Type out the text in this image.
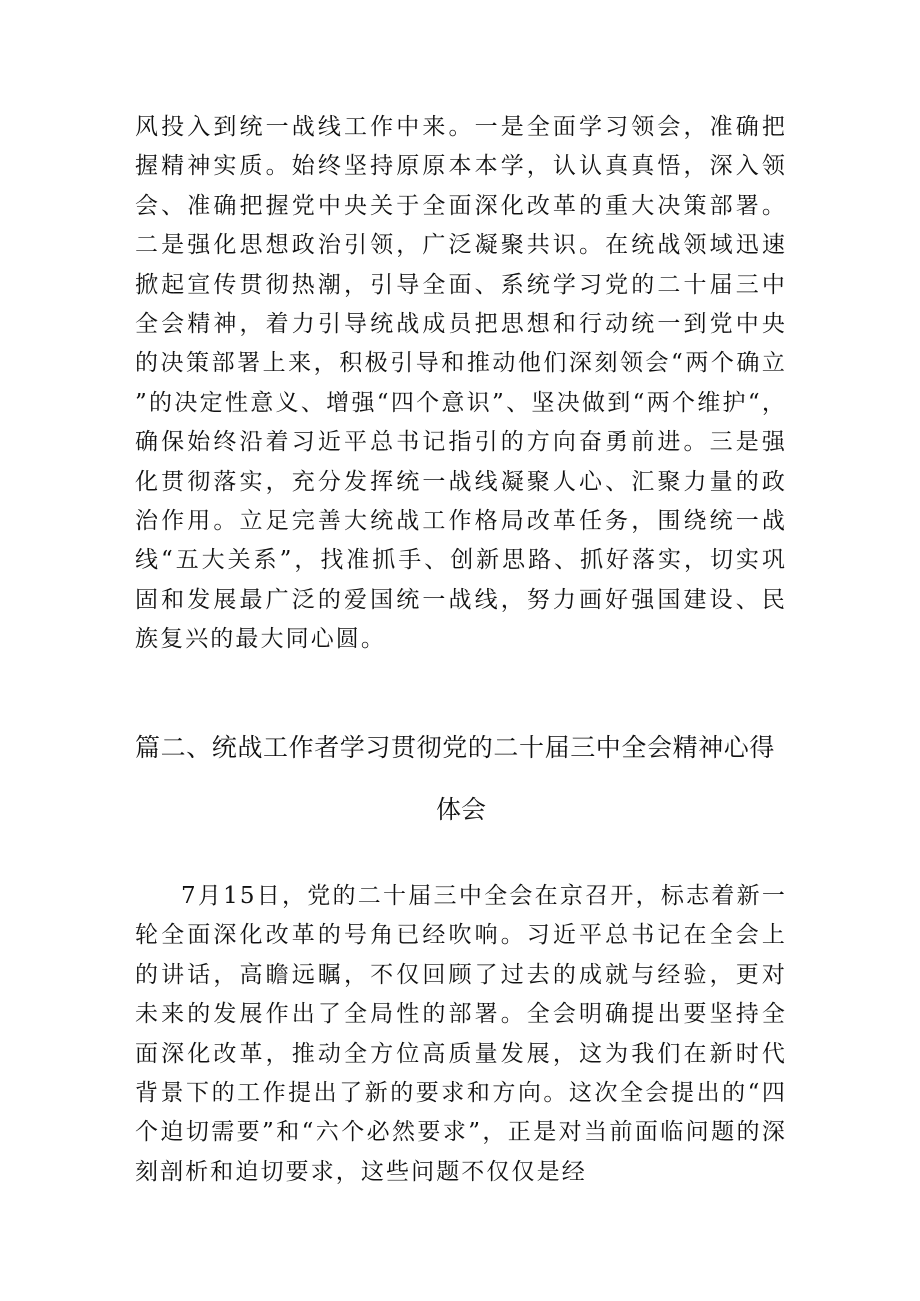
风投入到统一战线工作中来。一是全面学习领会，准确把握精神实质。始终坚持原原本本学，认认真真悟，深入领会、准确把握党中央关于全面深化改革的重大决策部署。二是强化思想政治引领，广泛凝聚共识。在统战领域迅速掀起宣传贯彻热潮，引导全面、系统学习党的二十届三中全会精神，着力引导统战成员把思想和行动统一到党中央的决策部署上来，积极引导和推动他们深刻领会“两个确立”的决定性意义、增强“四个意识”、坚决做到“两个维护“，确保始终沿着习近平总书记指引的方向奋勇前进。三是强化贯彻落实，充分发挥统一战线凝聚人心、汇聚力量的政治作用。立足完善大统战工作格局改革任务，围绕统一战线“五大关系”，找准抓手、创新思路、抓好落实，切实巩固和发展最广泛的爱国统一战线，努力画好强国建设、民族复兴的最大同心圆。

篇二、统战工作者学习贯彻党的二十届三中全会精神心得
体会

7月15日，党的二十届三中全会在京召开，标志着新一轮全面深化改革的号角已经吹响。习近平总书记在全会上的讲话，高瞻远瞩，不仅回顾了过去的成就与经验，更对未来的发展作出了全局性的部署。全会明确提出要坚持全面深化改革，推动全方位高质量发展，这为我们在新时代背景下的工作提出了新的要求和方向。这次全会提出的“四个迫切需要”和“六个必然要求”，正是对当前面临问题的深刻剖析和迫切要求，这些问题不仅仅是经
